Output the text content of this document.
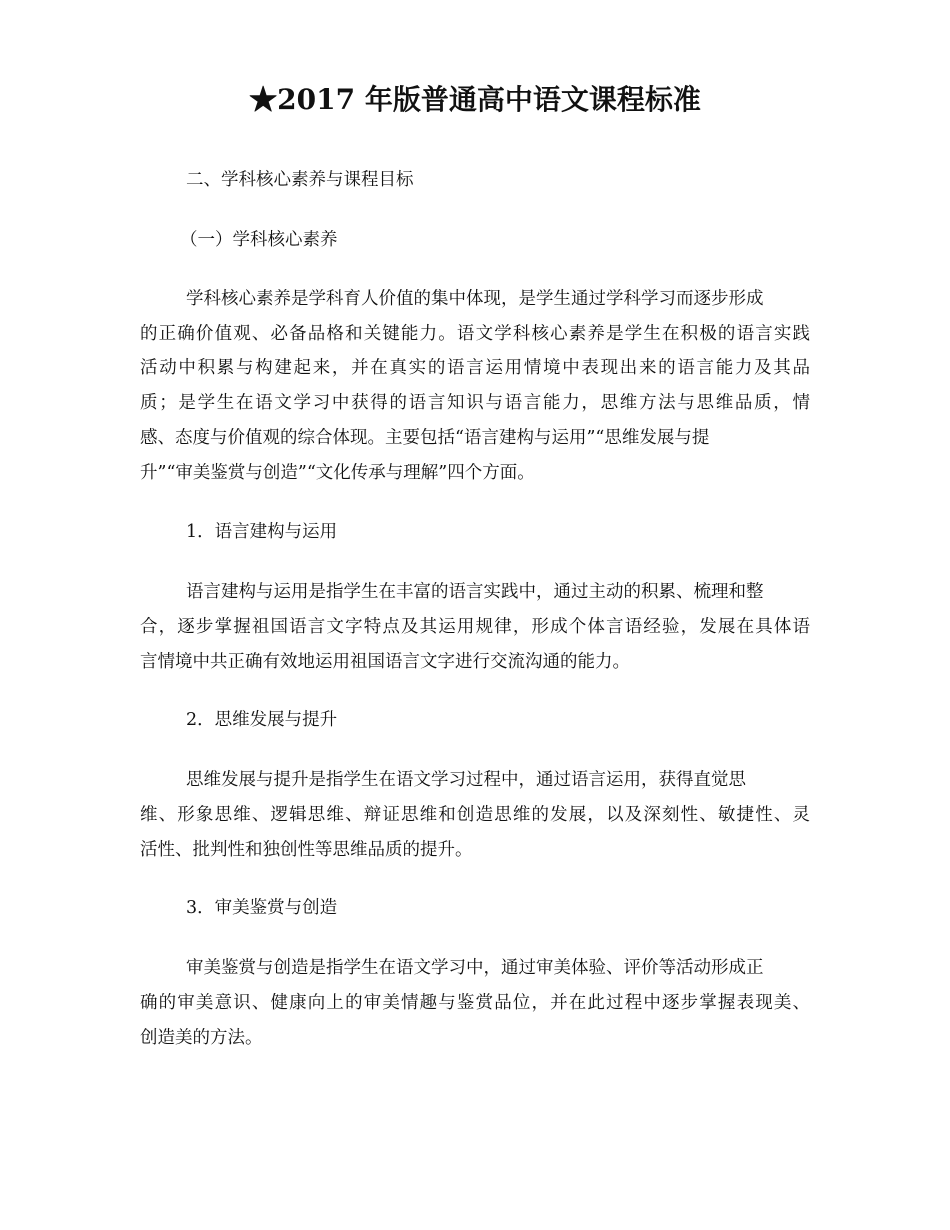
★2017 年版普通高中语文课程标准
二、学科核心素养与课程目标
（一）学科核心素养
学科核心素养是学科育人价值的集中体现，是学生通过学科学习而逐步形成
的正确价值观、必备品格和关键能力。语文学科核心素养是学生在积极的语言实践
活动中积累与构建起来，并在真实的语言运用情境中表现出来的语言能力及其品
质；是学生在语文学习中获得的语言知识与语言能力，思维方法与思维品质，情
感、态度与价值观的综合体现。主要包括“语言建构与运用”“思维发展与提
升”“审美鉴赏与创造”“文化传承与理解”四个方面。
1．语言建构与运用
语言建构与运用是指学生在丰富的语言实践中，通过主动的积累、梳理和整
合，逐步掌握祖国语言文字特点及其运用规律，形成个体言语经验，发展在具体语
言情境中共正确有效地运用祖国语言文字进行交流沟通的能力。
2．思维发展与提升
思维发展与提升是指学生在语文学习过程中，通过语言运用，获得直觉思
维、形象思维、逻辑思维、辩证思维和创造思维的发展，以及深刻性、敏捷性、灵
活性、批判性和独创性等思维品质的提升。
3．审美鉴赏与创造
审美鉴赏与创造是指学生在语文学习中，通过审美体验、评价等活动形成正
确的审美意识、健康向上的审美情趣与鉴赏品位，并在此过程中逐步掌握表现美、
创造美的方法。
